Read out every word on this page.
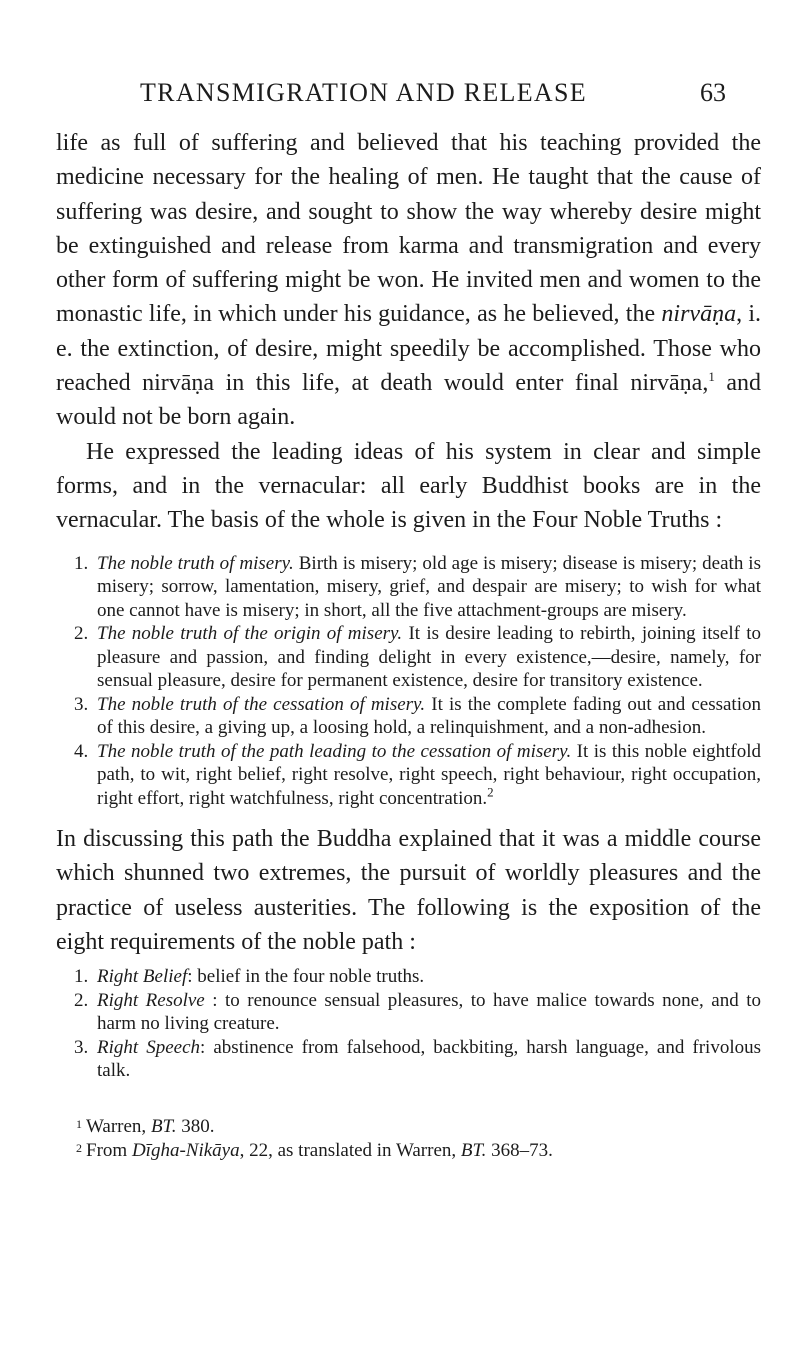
TRANSMIGRATION AND RELEASE	63

life as full of suffering and believed that his teaching provided the medicine necessary for the healing of men. He taught that the cause of suffering was desire, and sought to show the way whereby desire might be extinguished and release from karma and transmigration and every other form of suffering might be won. He invited men and women to the monastic life, in which under his guidance, as he believed, the nirvāṇa, i. e. the extinction, of desire, might speedily be accomplished. Those who reached nirvāṇa in this life, at death would enter final nirvāṇa,$^1$ and would not be born again.

He expressed the leading ideas of his system in clear and simple forms, and in the vernacular: all early Buddhist books are in the vernacular. The basis of the whole is given in the Four Noble Truths :

1. The noble truth of misery. Birth is misery; old age is misery; disease is misery; death is misery; sorrow, lamentation, misery, grief, and despair are misery; to wish for what one cannot have is misery; in short, all the five attachment-groups are misery.
2. The noble truth of the origin of misery. It is desire leading to rebirth, joining itself to pleasure and passion, and finding delight in every existence,—desire, namely, for sensual pleasure, desire for permanent existence, desire for transitory existence.
3. The noble truth of the cessation of misery. It is the complete fading out and cessation of this desire, a giving up, a loosing hold, a relinquishment, and a non-adhesion.
4. The noble truth of the path leading to the cessation of misery. It is this noble eightfold path, to wit, right belief, right resolve, right speech, right behaviour, right occupation, right effort, right watchfulness, right concentration.$^2$

In discussing this path the Buddha explained that it was a middle course which shunned two extremes, the pursuit of worldly pleasures and the practice of useless austerities. The following is the exposition of the eight requirements of the noble path :

1. Right Belief: belief in the four noble truths.
2. Right Resolve : to renounce sensual pleasures, to have malice towards none, and to harm no living creature.
3. Right Speech: abstinence from falsehood, backbiting, harsh language, and frivolous talk.
1 Warren, BT. 380.
2 From Dīgha-Nikāya, 22, as translated in Warren, BT. 368–73.
